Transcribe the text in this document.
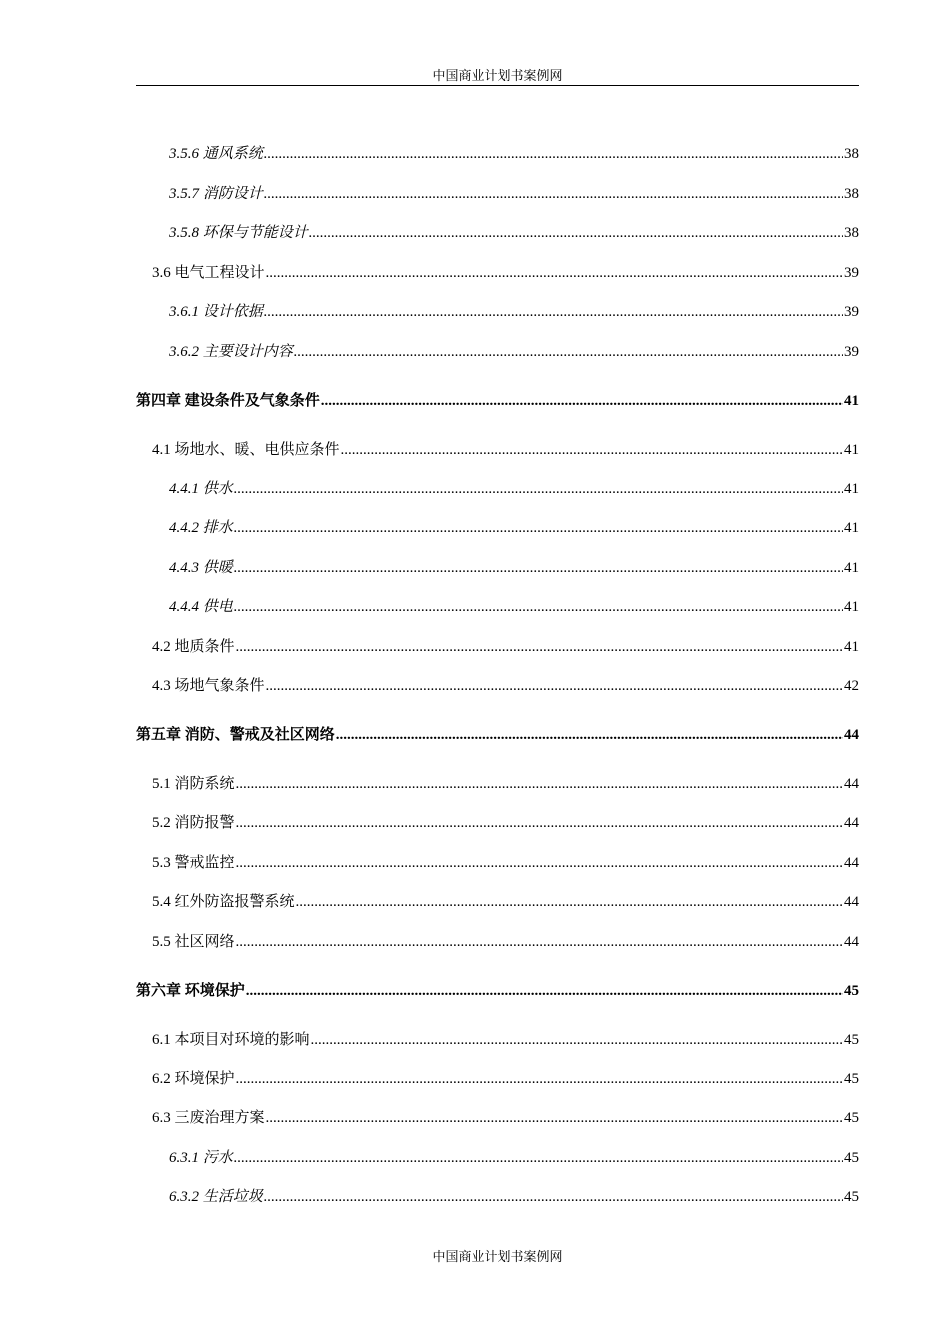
中国商业计划书案例网
3.5.6 通风系统 .....	38
3.5.7 消防设计 .....	38
3.5.8 环保与节能设计 .....	38
3.6 电气工程设计 .....	39
3.6.1 设计依据 .....	39
3.6.2 主要设计内容 .....	39
第四章 建设条件及气象条件 .....	41
4.1 场地水、暖、电供应条件 .....	41
4.4.1 供水 .....	41
4.4.2 排水 .....	41
4.4.3 供暖 .....	41
4.4.4 供电 .....	41
4.2 地质条件 .....	41
4.3 场地气象条件 .....	42
第五章 消防、警戒及社区网络 .....	44
5.1 消防系统 .....	44
5.2 消防报警 .....	44
5.3 警戒监控 .....	44
5.4 红外防盗报警系统 .....	44
5.5 社区网络 .....	44
第六章 环境保护 .....	45
6.1 本项目对环境的影响 .....	45
6.2 环境保护 .....	45
6.3 三废治理方案 .....	45
6.3.1 污水 .....	45
6.3.2 生活垃圾 .....	45
中国商业计划书案例网
